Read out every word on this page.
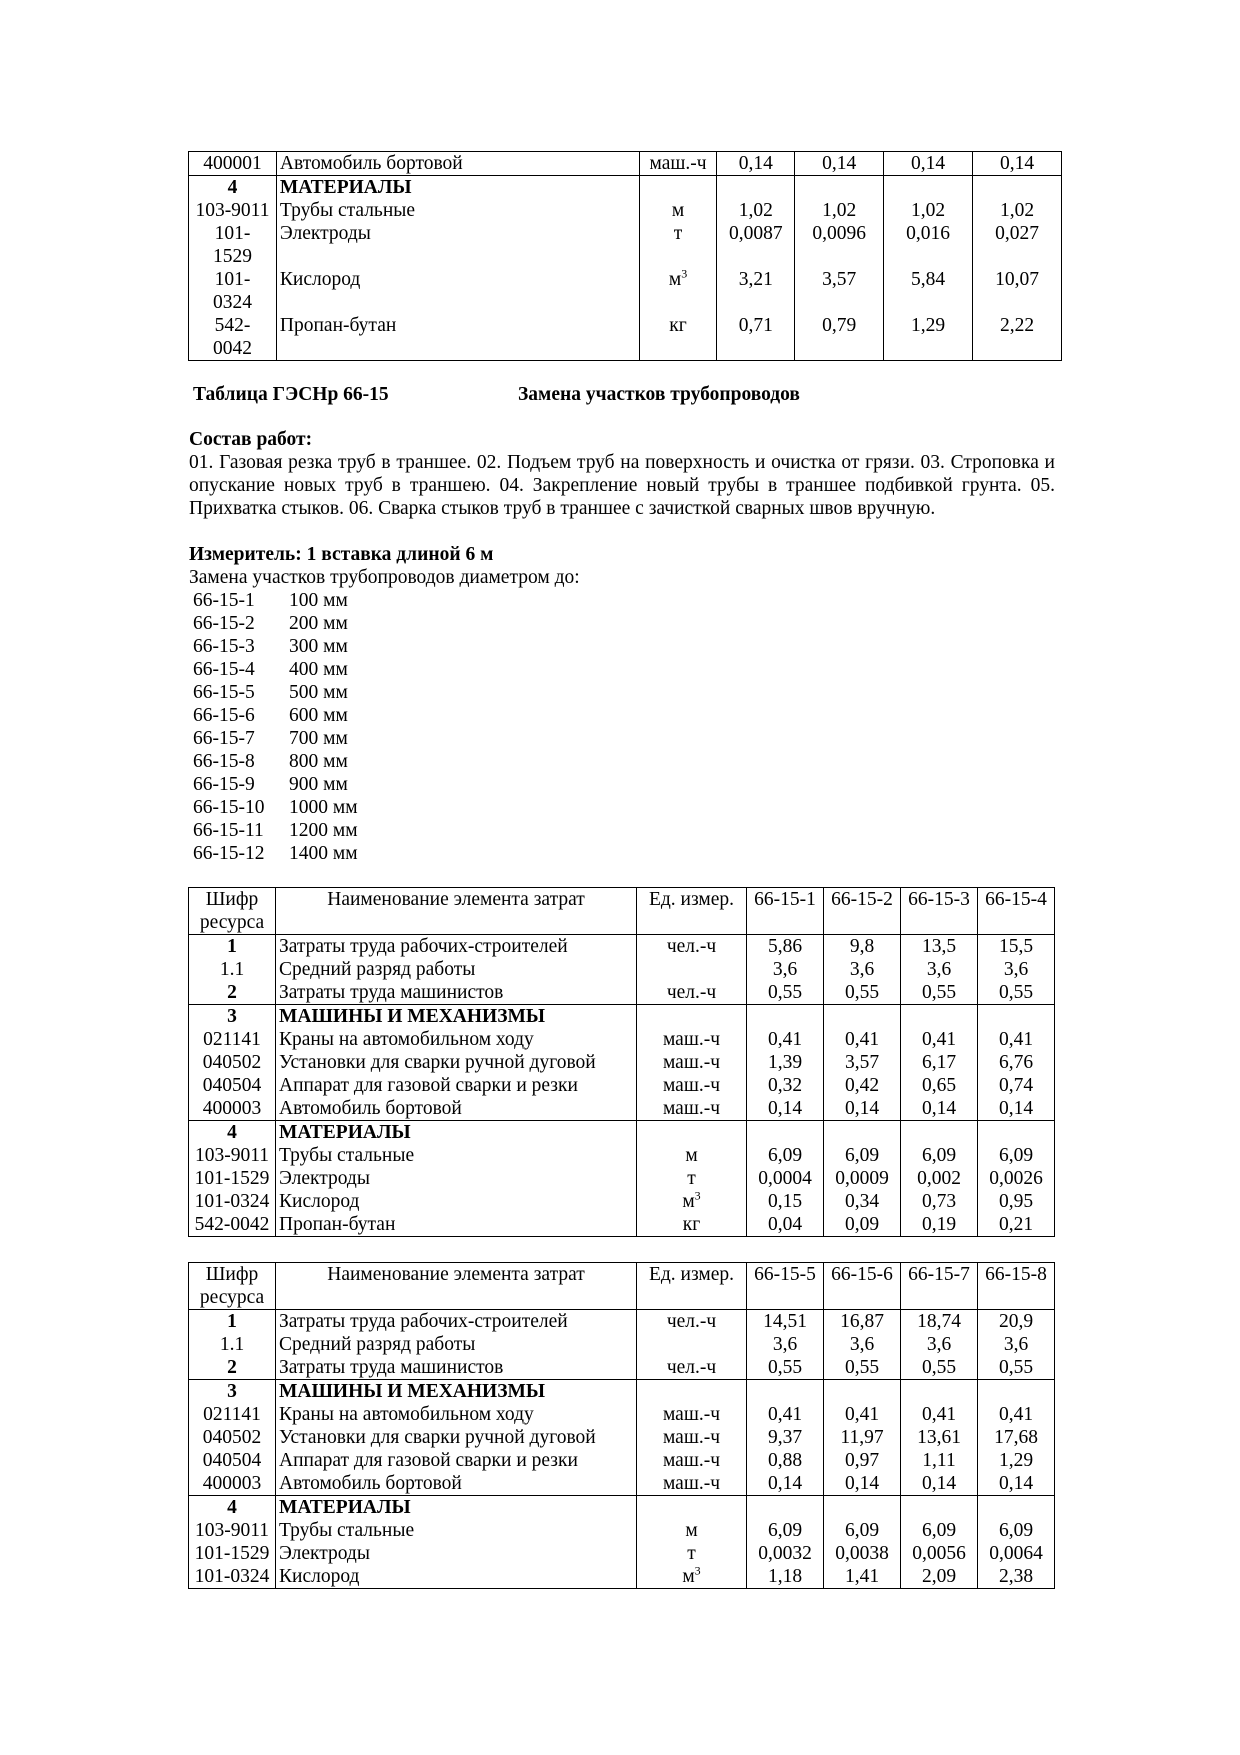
400001	Автомобиль бортовой	маш.-ч	0,14	0,14	0,14	0,14
4	МАТЕРИАЛЫ					
103-9011	Трубы стальные	м	1,02	1,02	1,02	1,02
101-
1529	Электроды	т	0,0087	0,0096	0,016	0,027
101-
0324	Кислород	$м^3$	3,21	3,57	5,84	10,07
542-
0042	Пропан-бутан	кг	0,71	0,79	1,29	2,22
Таблица ГЭСНр 66-15	Замена участков трубопроводов
Состав работ:
01. Газовая резка труб в траншее. 02. Подъем труб на поверхность и очистка от грязи. 03. Строповка и опускание новых труб в траншею. 04. Закрепление новый трубы в траншее подбивкой грунта. 05. Прихватка стыков. 06. Сварка стыков труб в траншее с зачисткой сварных швов вручную.
Измеритель: 1 вставка длиной 6 м
Замена участков трубопроводов диаметром до:
66-15-1	100 мм
66-15-2	200 мм
66-15-3	300 мм
66-15-4	400 мм
66-15-5	500 мм
66-15-6	600 мм
66-15-7	700 мм
66-15-8	800 мм
66-15-9	900 мм
66-15-10	1000 мм
66-15-11	1200 мм
66-15-12	1400 мм
Шифр ресурса	Наименование элемента затрат	Ед. измер.	66-15-1	66-15-2	66-15-3	66-15-4
1	Затраты труда рабочих-строителей	чел.-ч	5,86	9,8	13,5	15,5
1.1	Средний разряд работы		3,6	3,6	3,6	3,6
2	Затраты труда машинистов	чел.-ч	0,55	0,55	0,55	0,55
3	МАШИНЫ И МЕХАНИЗМЫ					
021141	Краны на автомобильном ходу	маш.-ч	0,41	0,41	0,41	0,41
040502	Установки для сварки ручной дуговой	маш.-ч	1,39	3,57	6,17	6,76
040504	Аппарат для газовой сварки и резки	маш.-ч	0,32	0,42	0,65	0,74
400003	Автомобиль бортовой	маш.-ч	0,14	0,14	0,14	0,14
4	МАТЕРИАЛЫ					
103-9011	Трубы стальные	м	6,09	6,09	6,09	6,09
101-1529	Электроды	т	0,0004	0,0009	0,002	0,0026
101-0324	Кислород	$м^3$	0,15	0,34	0,73	0,95
542-0042	Пропан-бутан	кг	0,04	0,09	0,19	0,21
Шифр ресурса	Наименование элемента затрат	Ед. измер.	66-15-5	66-15-6	66-15-7	66-15-8
1	Затраты труда рабочих-строителей	чел.-ч	14,51	16,87	18,74	20,9
1.1	Средний разряд работы		3,6	3,6	3,6	3,6
2	Затраты труда машинистов	чел.-ч	0,55	0,55	0,55	0,55
3	МАШИНЫ И МЕХАНИЗМЫ					
021141	Краны на автомобильном ходу	маш.-ч	0,41	0,41	0,41	0,41
040502	Установки для сварки ручной дуговой	маш.-ч	9,37	11,97	13,61	17,68
040504	Аппарат для газовой сварки и резки	маш.-ч	0,88	0,97	1,11	1,29
400003	Автомобиль бортовой	маш.-ч	0,14	0,14	0,14	0,14
4	МАТЕРИАЛЫ					
103-9011	Трубы стальные	м	6,09	6,09	6,09	6,09
101-1529	Электроды	т	0,0032	0,0038	0,0056	0,0064
101-0324	Кислород	$м^3$	1,18	1,41	2,09	2,38
